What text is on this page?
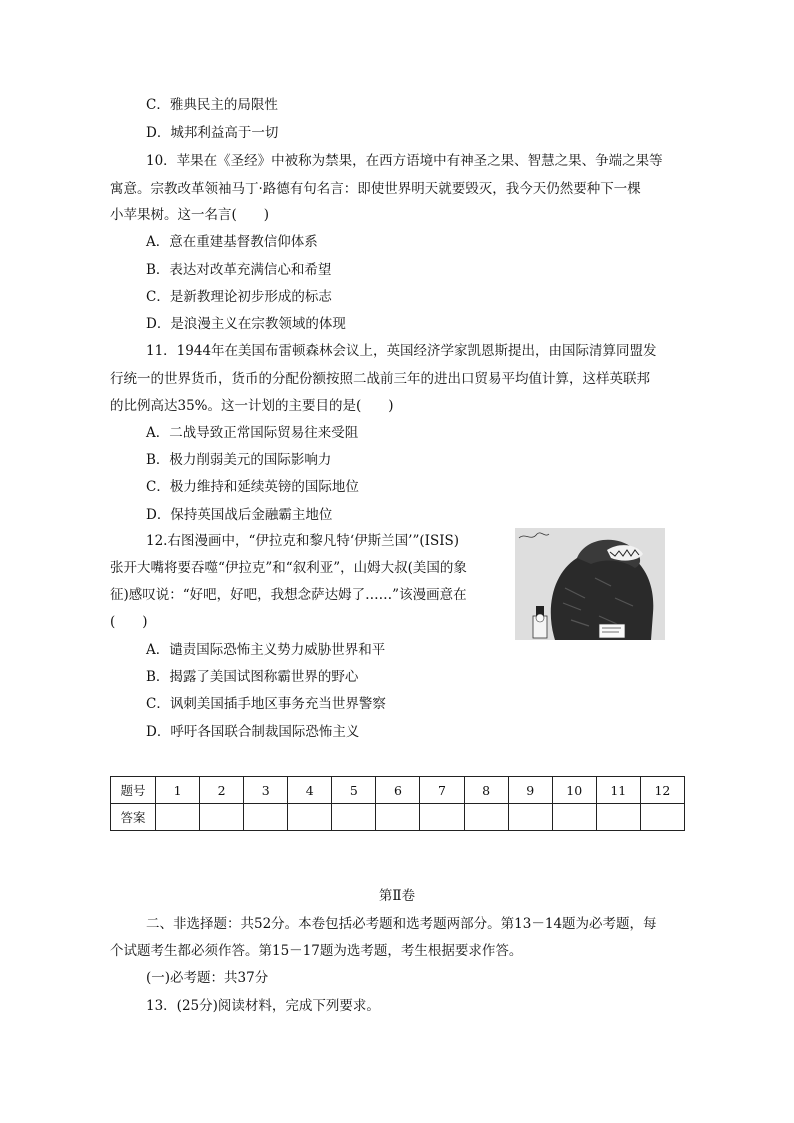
C．雅典民主的局限性
D．城邦利益高于一切
10．苹果在《圣经》中被称为禁果，在西方语境中有神圣之果、智慧之果、争端之果等
寓意。宗教改革领袖马丁·路德有句名言：即使世界明天就要毁灭，我今天仍然要种下一棵
小苹果树。这一名言(　　)
A．意在重建基督教信仰体系
B．表达对改革充满信心和希望
C．是新教理论初步形成的标志
D．是浪漫主义在宗教领域的体现
11．1944年在美国布雷顿森林会议上，英国经济学家凯恩斯提出，由国际清算同盟发
行统一的世界货币，货币的分配份额按照二战前三年的进出口贸易平均值计算，这样英联邦
的比例高达35%。这一计划的主要目的是(　　)
A．二战导致正常国际贸易往来受阻
B．极力削弱美元的国际影响力
C．极力维持和延续英镑的国际地位
D．保持英国战后金融霸主地位
12.右图漫画中，“伊拉克和黎凡特‘伊斯兰国’”(ISIS)
张开大嘴将要吞噬“伊拉克”和“叙利亚”，山姆大叔(美国的象
征)感叹说：“好吧，好吧，我想念萨达姆了……”该漫画意在
(　　)
A．谴责国际恐怖主义势力威胁世界和平
B．揭露了美国试图称霸世界的野心
C．讽刺美国插手地区事务充当世界警察
D．呼吁各国联合制裁国际恐怖主义
题号	1	2	3	4	5	6	7	8	9	10	11	12
答案												
第Ⅱ卷
二、非选择题：共52分。本卷包括必考题和选考题两部分。第13－14题为必考题，每
个试题考生都必须作答。第15－17题为选考题，考生根据要求作答。
(一)必考题：共37分
13．(25分)阅读材料，完成下列要求。
